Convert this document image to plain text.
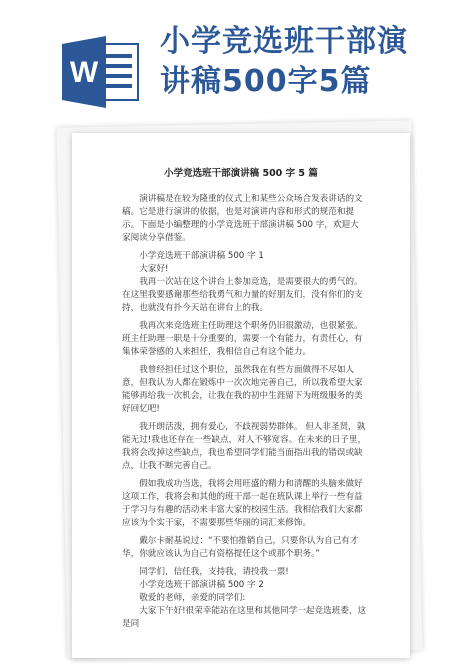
W
小学竞选班干部演
讲稿500字5篇
小学竞选班干部演讲稿 500 字 5 篇

演讲稿是在较为隆重的仪式上和某些公众场合发表讲话的文稿。它是进行演讲的依据，也是对演讲内容和形式的规范和提示。下面是小编整理的小学竞选班干部演讲稿 500 字，欢迎大家阅读分享借鉴。

小学竞选班干部演讲稿 500 字 1

大家好!

我再一次站在这个讲台上参加竞选，是需要很大的勇气的。在这里我要感谢那些给我勇气和力量的好朋友们，没有你们的支持，也就没有扑今天站在讲台上的我。

我再次来竞选班主任助理这个职务仍旧很激动，也很紧张。班主任助理一职是十分重要的，需要一个有能力，有责任心，有集体荣誉感的人来担任，我相信自己有这个能力。

我曾经担任过这个职位，虽然我在有些方面做得不尽如人意，但我认为人都在锻炼中一次次地完善自己，所以我希望大家能够再给我一次机会，让我在我的初中生涯留下为班级服务的美好回忆吧!

我开朗活泼，拥有爱心，不歧视弱势群体。 但人非圣贤，孰能无过!我也还存在一些缺点，对人不够宽容。在未来的日子里，我将会改掉这些缺点，我也希望同学们能当面指出我的错误或缺点，让我不断完善自己。

假如我成功当选，我将会用旺盛的精力和清醒的头脑来做好这项工作，我将会和其他的班干部一起在班队课上举行一些有益于学习与有趣的活动来丰富大家的校园生活。我相信我们大家都应该为个实干家，不需要那些华丽的词汇来修饰。

戴尔卡耐基说过：“不要怕推销自己，只要你认为自己有才华，你就应该认为自己有资格提任这个或那个职务。”

同学们，信任我，支持我，请投我一票!

小学竞选班干部演讲稿 500 字 2

敬爱的老师，亲爱的同学们:

大家下午好!很荣幸能站在这里和其他同学一起竞选班委，这是同
